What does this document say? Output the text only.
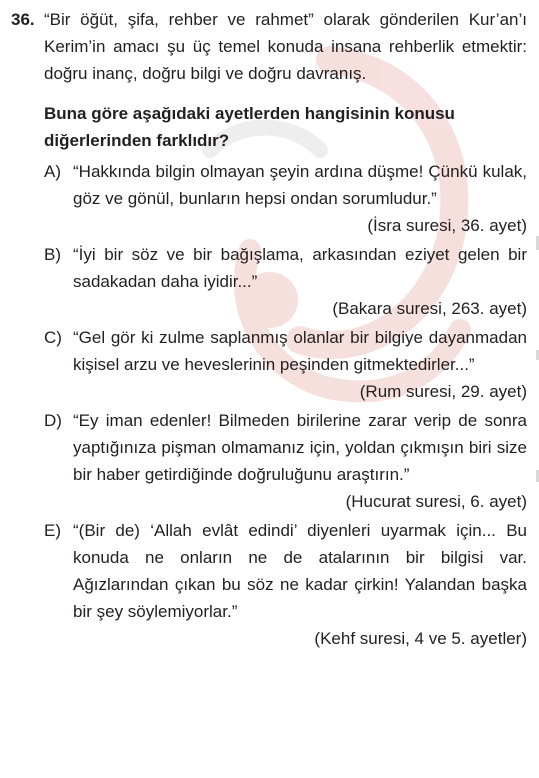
36. “Bir öğüt, şifa, rehber ve rahmet” olarak gönderilen Kur’an’ı Kerim’in amacı şu üç temel konuda insana rehberlik etmektir: doğru inanç, doğru bilgi ve doğru davranış.

Buna göre aşağıdaki ayetlerden hangisinin konusu diğerlerinden farklıdır?

A) “Hakkında bilgin olmayan şeyin ardına düşme! Çünkü kulak, göz ve gönül, bunların hepsi ondan sorumludur.”

(İsra suresi, 36. ayet)

B) “İyi bir söz ve bir bağışlama, arkasından eziyet gelen bir sadakadan daha iyidir...”

(Bakara suresi, 263. ayet)

C) “Gel gör ki zulme saplanmış olanlar bir bilgiye dayanmadan kişisel arzu ve heveslerinin peşinden gitmektedirler...”

(Rum suresi, 29. ayet)

D) “Ey iman edenler! Bilmeden birilerine zarar verip de sonra yaptığınıza pişman olmamanız için, yoldan çıkmışın biri size bir haber getirdiğinde doğruluğunu araştırın.”

(Hucurat suresi, 6. ayet)

E) “(Bir de) ‘Allah evlât edindi’ diyenleri uyarmak için... Bu konuda ne onların ne de atalarının bir bilgisi var. Ağızlarından çıkan bu söz ne kadar çirkin! Yalandan başka bir şey söylemiyorlar.”

(Kehf suresi, 4 ve 5. ayetler)
